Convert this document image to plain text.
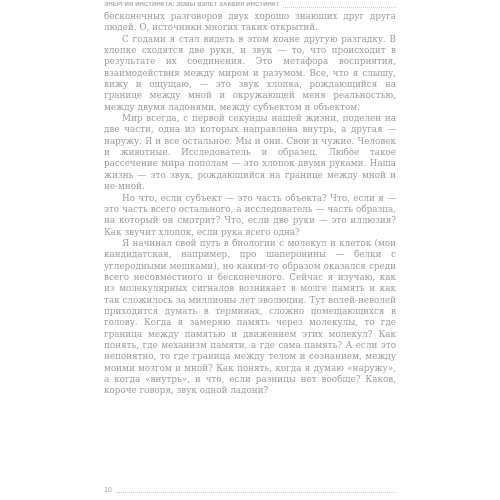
ЭНЕРГИЯ ИНСТИНКТА: ЗОВЫ ВЗЛЁТ ЗАКВИЯ ИНСТИНКТ

бесконечных разговоров двух хорошо знающих друг друга людей. О, источники многих таких открытий.

С годами я стал видеть в этом коане другую разгадку. В хлопке сходятся две руки, и звук — то, что происходит в результате их соединения. Это метафора восприятия, взаимодействия между миром и разумом. Все, что я слышу, вижу и ощущаю, — это звук хлопка, рождающийся на границе между мной и окружающей меня реальностью, между двумя ладонями, между субъектом и объектом.

Мир всегда, с первой секунды нашей жизни, поделен на две части, одна из которых направлена внутрь, а другая — наружу. Я и все остальное. Мы и они. Свои и чужие. Человек и животные. Исследователь и образец. Любое такое рассечение мира пополам — это хлопок двумя руками. Наша жизнь — это звук, рождающийся на границе между мной и не-мной.

Но что, если субъект — это часть объекта? Что, если я — это часть всего остального, а исследователь — часть образца, на который он смотрит? Что, если две руки — это иллюзия? Как звучит хлопок, если рука всего одна?

Я начинал свой путь в биологии с молекул и клеток (мои кандидатская, например, про шаперонины — белки с углеродными мешками), но каким-то образом оказался среди всего несовместного и бесконечного. Сейчас я изучаю, как из молекулярных сигналов возникает в мозге память и как так сложилось за миллионы лет эволюции. Тут волей-неволей приходится думать в терминах, сложно помещающихся в голову. Когда я замеряю память через молекулы, то где граница между памятью и движением этих молекул? Как понять, где механизм памяти, а где сама память? А если это непонятно, то где граница между телом и сознанием, между моими мозгом и мной? Как понять, когда я думаю «наружу», а когда «внутрь», и что, если разницы нет вообще? Каков, короче говоря, звук одной ладони?

10
